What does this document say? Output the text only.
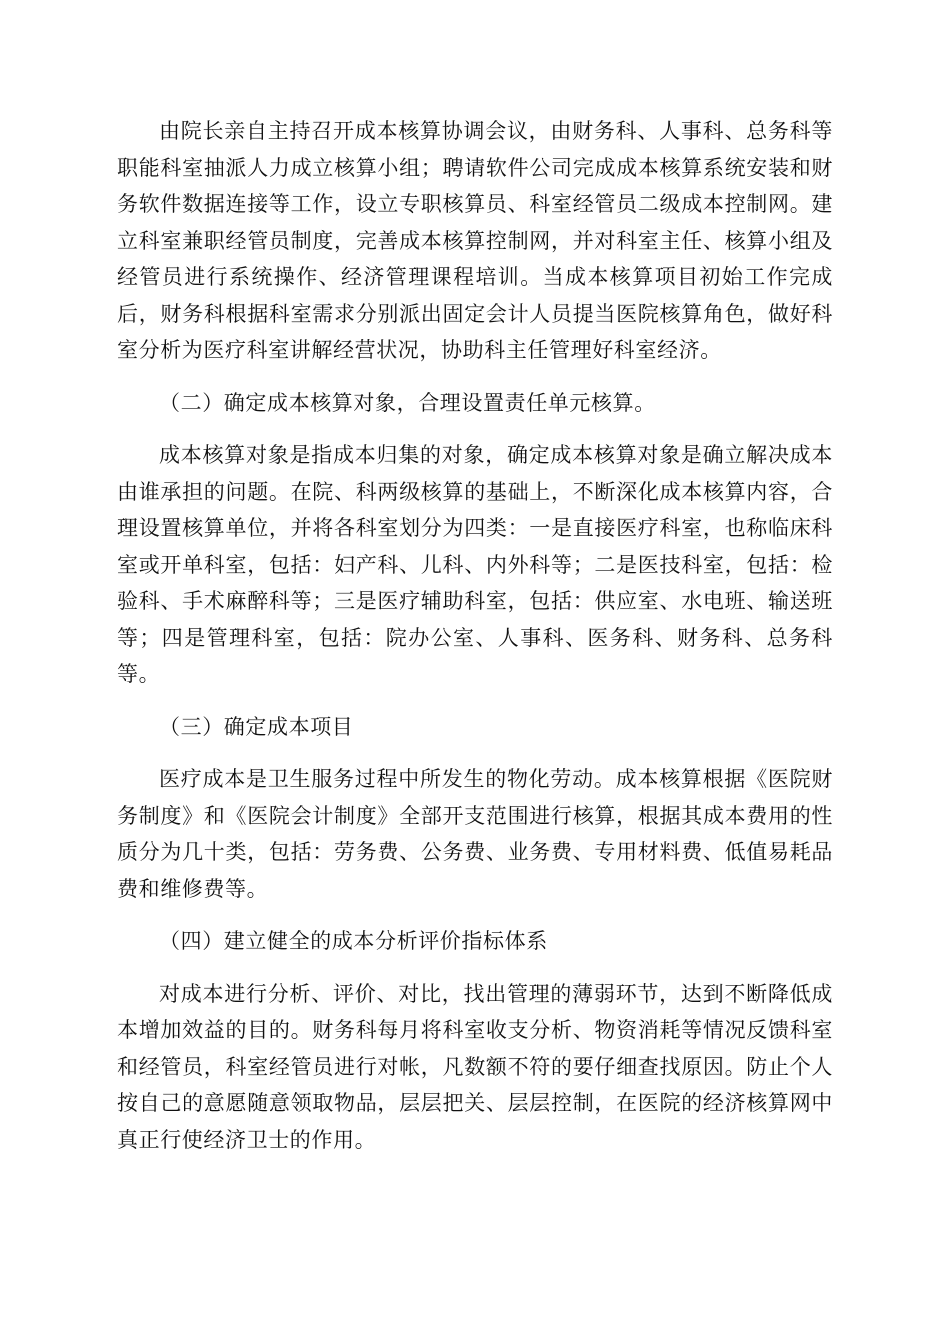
由院长亲自主持召开成本核算协调会议，由财务科、人事科、总务科等职能科室抽派人力成立核算小组；聘请软件公司完成成本核算系统安装和财务软件数据连接等工作，设立专职核算员、科室经管员二级成本控制网。建立科室兼职经管员制度，完善成本核算控制网，并对科室主任、核算小组及经管员进行系统操作、经济管理课程培训。当成本核算项目初始工作完成后，财务科根据科室需求分别派出固定会计人员提当医院核算角色，做好科室分析为医疗科室讲解经营状况，协助科主任管理好科室经济。

（二）确定成本核算对象，合理设置责任单元核算。

成本核算对象是指成本归集的对象，确定成本核算对象是确立解决成本由谁承担的问题。在院、科两级核算的基础上，不断深化成本核算内容，合理设置核算单位，并将各科室划分为四类：一是直接医疗科室，也称临床科室或开单科室，包括：妇产科、儿科、内外科等；二是医技科室，包括：检验科、手术麻醉科等；三是医疗辅助科室，包括：供应室、水电班、输送班等；四是管理科室，包括：院办公室、人事科、医务科、财务科、总务科等。

（三）确定成本项目

医疗成本是卫生服务过程中所发生的物化劳动。成本核算根据《医院财务制度》和《医院会计制度》全部开支范围进行核算，根据其成本费用的性质分为几十类，包括：劳务费、公务费、业务费、专用材料费、低值易耗品费和维修费等。

（四）建立健全的成本分析评价指标体系

对成本进行分析、评价、对比，找出管理的薄弱环节，达到不断降低成本增加效益的目的。财务科每月将科室收支分析、物资消耗等情况反馈科室和经管员，科室经管员进行对帐，凡数额不符的要仔细查找原因。防止个人按自己的意愿随意领取物品，层层把关、层层控制，在医院的经济核算网中真正行使经济卫士的作用。
